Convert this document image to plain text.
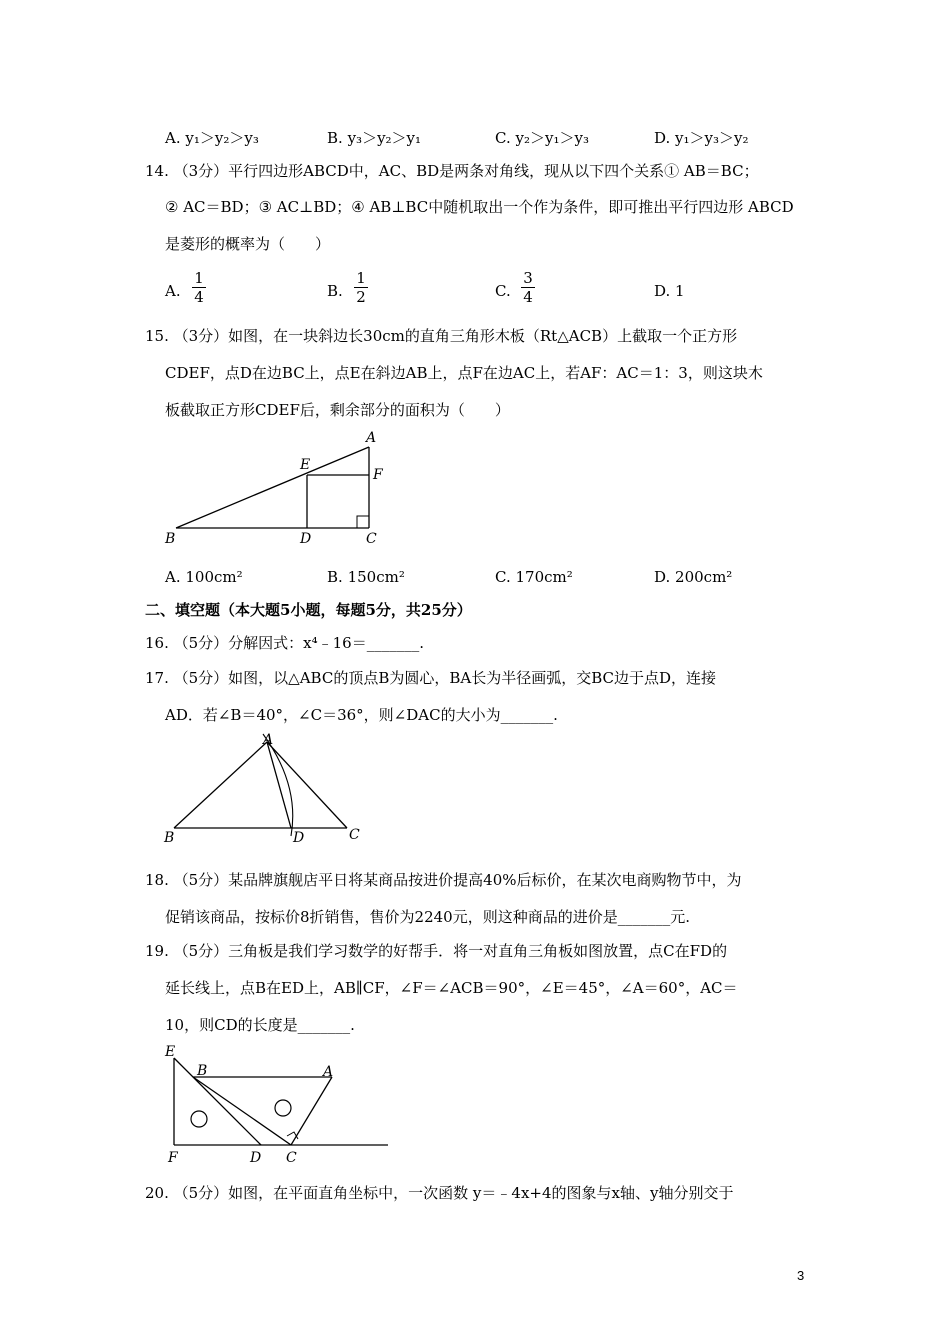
A. y₁＞y₂＞y₃	B. y₃＞y₂＞y₁	C. y₂＞y₁＞y₃	D. y₁＞y₃＞y₂
14. （3分）平行四边形ABCD中，AC、BD是两条对角线，现从以下四个关系① AB＝BC；
② AC＝BD；③ AC⊥BD；④ AB⊥BC中随机取出一个作为条件，即可推出平行四边形 ABCD
是菱形的概率为（　　）
A.
1
4	B.
1
2	C.
3
4	D. 1
15. （3分）如图，在一块斜边长30cm的直角三角形木板（Rt△ACB）上截取一个正方形
CDEF，点D在边BC上，点E在斜边AB上，点F在边AC上，若AF：AC＝1：3，则这块木
板截取正方形CDEF后，剩余部分的面积为（　　）
A
E
F
B	D	C
A. 100cm²	B. 150cm²	C. 170cm²	D. 200cm²
二、填空题（本大题5小题，每题5分，共25分）
16. （5分）分解因式：x⁴﹣16＝_______.
17. （5分）如图，以△ABC的顶点B为圆心，BA长为半径画弧，交BC边于点D，连接
AD．若∠B＝40°，∠C＝36°，则∠DAC的大小为_______.
A
B	D	C
18. （5分）某品牌旗舰店平日将某商品按进价提高40%后标价，在某次电商购物节中，为
促销该商品，按标价8折销售，售价为2240元，则这种商品的进价是_______元.
19. （5分）三角板是我们学习数学的好帮手．将一对直角三角板如图放置，点C在FD的
延长线上，点B在ED上，AB∥CF，∠F＝∠ACB＝90°，∠E＝45°，∠A＝60°，AC＝
10，则CD的长度是_______.
E
B	A
F	D C
20. （5分）如图，在平面直角坐标中，一次函数 y＝﹣4x+4的图象与x轴、y轴分别交于
3
